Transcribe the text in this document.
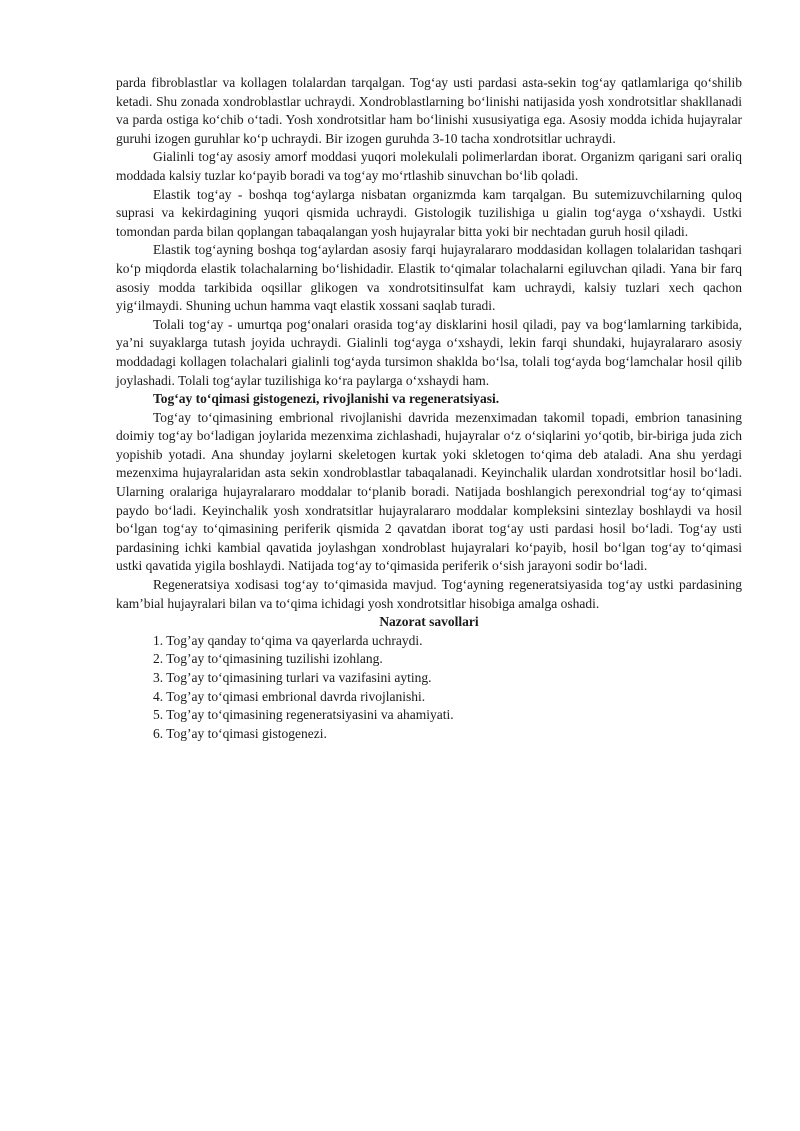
parda fibroblastlar va kollagen tolalardan tarqalgan. Tog‘ay usti pardasi asta-sekin tog‘ay qatlamlariga qo‘shilib ketadi. Shu zonada xondroblastlar uchraydi. Xondroblastlarning bo‘linishi natijasida yosh xondrotsitlar shakllanadi va parda ostiga ko‘chib o‘tadi. Yosh xondrotsitlar ham bo‘linishi xususiyatiga ega. Asosiy modda ichida hujayralar guruhi izogen guruhlar ko‘p uchraydi. Bir izogen guruhda 3-10 tacha xondrotsitlar uchraydi.

Gialinli tog‘ay asosiy amorf moddasi yuqori molekulali polimerlardan iborat. Organizm qarigani sari oraliq moddada kalsiy tuzlar ko‘payib boradi va tog‘ay mo‘rtlashib sinuvchan bo‘lib qoladi.

Elastik tog‘ay - boshqa tog‘aylarga nisbatan organizmda kam tarqalgan. Bu sutemizuvchilarning quloq suprasi va kekirdagining yuqori qismida uchraydi. Gistologik tuzilishiga u gialin tog‘ayga o‘xshaydi. Ustki tomondan parda bilan qoplangan tabaqalangan yosh hujayralar bitta yoki bir nechtadan guruh hosil qiladi.

Elastik tog‘ayning boshqa tog‘aylardan asosiy farqi hujayralararo moddasidan kollagen tolalaridan tashqari ko‘p miqdorda elastik tolachalarning bo‘lishidadir. Elastik to‘qimalar tolachalarni egiluvchan qiladi. Yana bir farq asosiy modda tarkibida oqsillar glikogen va xondrotsitinsulfat kam uchraydi, kalsiy tuzlari xech qachon yig‘ilmaydi. Shuning uchun hamma vaqt elastik xossani saqlab turadi.

Tolali tog‘ay - umurtqa pog‘onalari orasida tog‘ay disklarini hosil qiladi, pay va bog‘lamlarning tarkibida, ya’ni suyaklarga tutash joyida uchraydi. Gialinli tog‘ayga o‘xshaydi, lekin farqi shundaki, hujayralararo asosiy moddadagi kollagen tolachalari gialinli tog‘ayda tursimon shaklda bo‘lsa, tolali tog‘ayda bog‘lamchalar hosil qilib joylashadi. Tolali tog‘aylar tuzilishiga ko‘ra paylarga o‘xshaydi ham.

Tog‘ay to‘qimasi gistogenezi, rivojlanishi va regeneratsiyasi.

Tog‘ay to‘qimasining embrional rivojlanishi davrida mezenximadan takomil topadi, embrion tanasining doimiy tog‘ay bo‘ladigan joylarida mezenxima zichlashadi, hujayralar o‘z o‘siqlarini yo‘qotib, bir-biriga juda zich yopishib yotadi. Ana shunday joylarni skeletogen kurtak yoki skletogen to‘qima deb ataladi. Ana shu yerdagi mezenxima hujayralaridan asta sekin xondroblastlar tabaqalanadi. Keyinchalik ulardan xondrotsitlar hosil bo‘ladi. Ularning oralariga hujayralararo moddalar to‘planib boradi. Natijada boshlangich perexondrial tog‘ay to‘qimasi paydo bo‘ladi. Keyinchalik yosh xondratsitlar hujayralararo moddalar kompleksini sintezlay boshlaydi va hosil bo‘lgan tog‘ay to‘qimasining periferik qismida 2 qavatdan iborat tog‘ay usti pardasi hosil bo‘ladi. Tog‘ay usti pardasining ichki kambial qavatida joylashgan xondroblast hujayralari ko‘payib, hosil bo‘lgan tog‘ay to‘qimasi ustki qavatida yigila boshlaydi. Natijada tog‘ay to‘qimasida periferik o‘sish jarayoni sodir bo‘ladi.

Regeneratsiya xodisasi tog‘ay to‘qimasida mavjud. Tog‘ayning regeneratsiyasida tog‘ay ustki pardasining kam’bial hujayralari bilan va to‘qima ichidagi yosh xondrotsitlar hisobiga amalga oshadi.

Nazorat savollari

1. Tog’ay qanday to‘qima va qayerlarda uchraydi.
2. Tog’ay to‘qimasining tuzilishi izohlang.
3. Tog’ay to‘qimasining turlari va vazifasini ayting.
4. Tog’ay to‘qimasi embrional davrda rivojlanishi.
5. Tog’ay to‘qimasining regeneratsiyasini va ahamiyati.
6. Tog’ay to‘qimasi gistogenezi.
